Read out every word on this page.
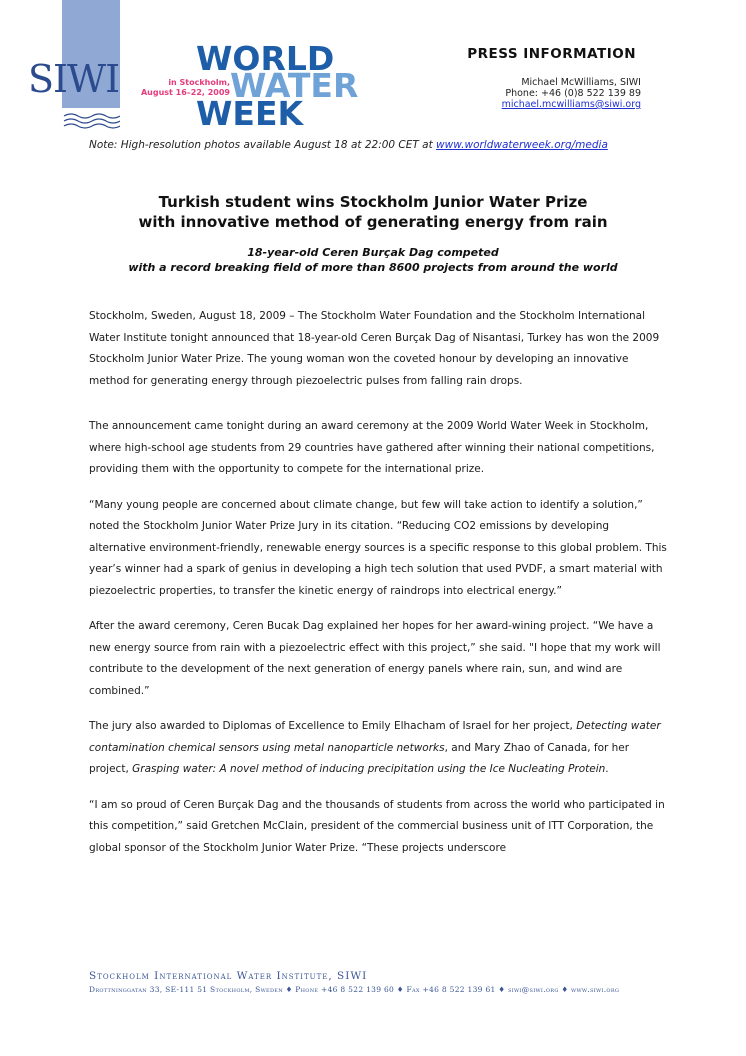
SIWI WORLD
in Stockholm,
August 16–22, 2009 WATER
WEEK
PRESS INFORMATION
Michael McWilliams, SIWI
Phone: +46 (0)8 522 139 89
michael.mcwilliams@siwi.org
Note: High-resolution photos available August 18 at 22:00 CET at www.worldwaterweek.org/media
Turkish student wins Stockholm Junior Water Prize
with innovative method of generating energy from rain
18-year-old Ceren Burçak Dag competed
with a record breaking field of more than 8600 projects from around the world

Stockholm, Sweden, August 18, 2009 – The Stockholm Water Foundation and the Stockholm International Water Institute tonight announced that 18-year-old Ceren Burçak Dag of Nisantasi, Turkey has won the 2009 Stockholm Junior Water Prize. The young woman won the coveted honour by developing an innovative method for generating energy through piezoelectric pulses from falling rain drops.

The announcement came tonight during an award ceremony at the 2009 World Water Week in Stockholm, where high-school age students from 29 countries have gathered after winning their national competitions, providing them with the opportunity to compete for the international prize.

“Many young people are concerned about climate change, but few will take action to identify a solution,” noted the Stockholm Junior Water Prize Jury in its citation. “Reducing CO2 emissions by developing alternative environment-friendly, renewable energy sources is a specific response to this global problem. This year’s winner had a spark of genius in developing a high tech solution that used PVDF, a smart material with piezoelectric properties, to transfer the kinetic energy of raindrops into electrical energy.”

After the award ceremony, Ceren Bucak Dag explained her hopes for her award-wining project. “We have a new energy source from rain with a piezoelectric effect with this project,” she said. "I hope that my work will contribute to the development of the next generation of energy panels where rain, sun, and wind are combined.”

The jury also awarded to Diplomas of Excellence to Emily Elhacham of Israel for her project, Detecting water contamination chemical sensors using metal nanoparticle networks, and Mary Zhao of Canada, for her project, Grasping water: A novel method of inducing precipitation using the Ice Nucleating Protein.

“I am so proud of Ceren Burçak Dag and the thousands of students from across the world who participated in this competition,” said Gretchen McClain, president of the commercial business unit of ITT Corporation, the global sponsor of the Stockholm Junior Water Prize. “These projects underscore

Stockholm International Water Institute, SIWI
Drottninggatan 33, SE-111 51 Stockholm, Sweden ♦ Phone +46 8 522 139 60 ♦ Fax +46 8 522 139 61 ♦ siwi@siwi.org ♦ www.siwi.org
